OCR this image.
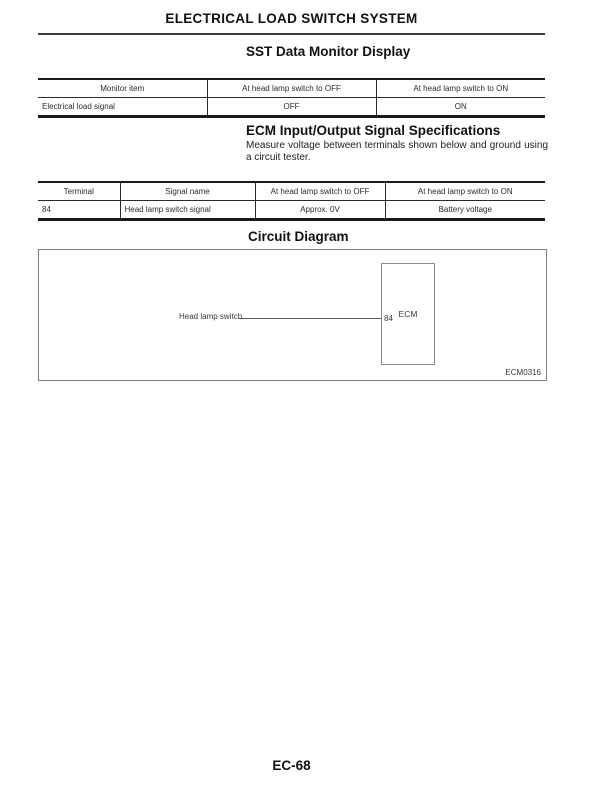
ELECTRICAL LOAD SWITCH SYSTEM
SST Data Monitor Display
Monitor item	At head lamp switch to OFF	At head lamp switch to ON
Electrical load signal	OFF	ON
ECM Input/Output Signal Specifications
Measure voltage between terminals shown below and ground using a circuit tester.
Terminal	Signal name	At head lamp switch to OFF	At head lamp switch to ON
84	Head lamp switch signal	Approx. 0V	Battery voltage
Circuit Diagram
Head lamp switch	84 ECM
ECM0316
EC-68
